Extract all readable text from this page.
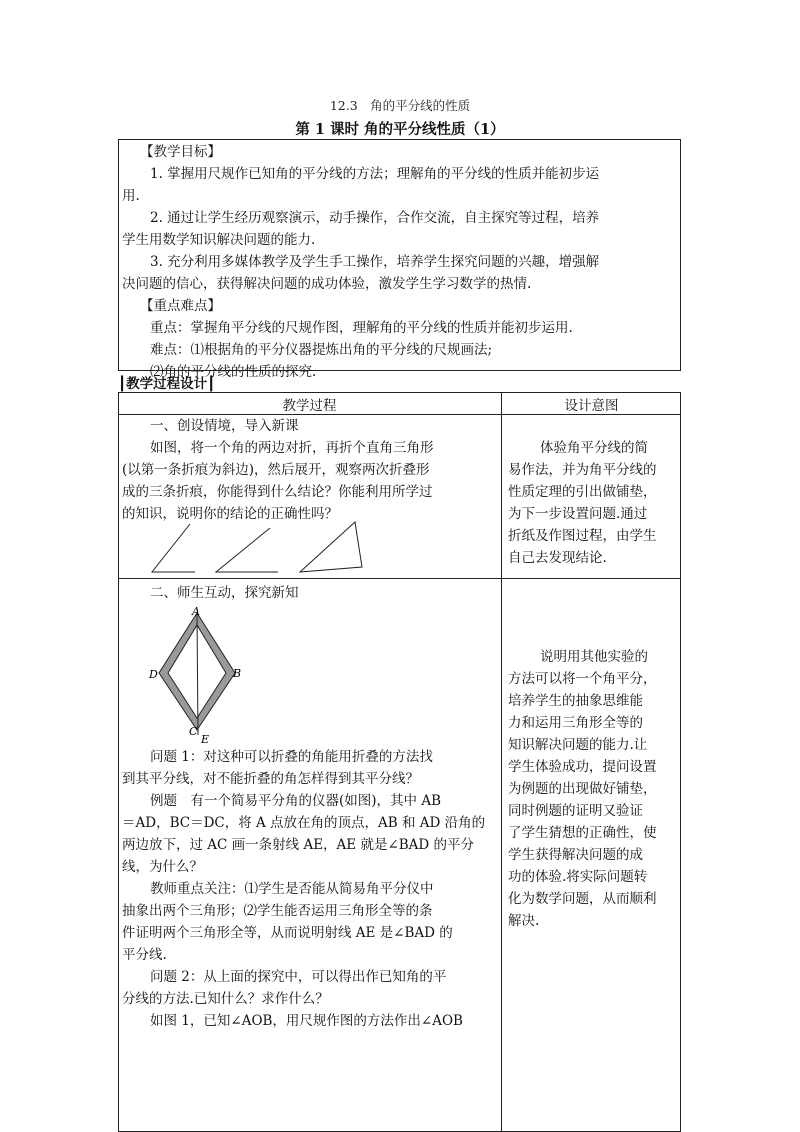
12.3　角的平分线的性质
第 1 课时 角的平分线性质（1）
【教学目标】
1. 掌握用尺规作已知角的平分线的方法；理解角的平分线的性质并能初步运
用.
2. 通过让学生经历观察演示，动手操作，合作交流，自主探究等过程，培养
学生用数学知识解决问题的能力.
3. 充分利用多媒体教学及学生手工操作，培养学生探究问题的兴趣，增强解
决问题的信心，获得解决问题的成功体验，激发学生学习数学的热情.
【重点难点】
重点：掌握角平分线的尺规作图，理解角的平分线的性质并能初步运用.
难点：⑴根据角的平分仪器提炼出角的平分线的尺规画法;
⑵角的平分线的性质的探究.
┃教学过程设计┃
教学过程	设计意图
一、创设情境，导入新课
如图，将一个角的两边对折，再折个直角三角形
(以第一条折痕为斜边)，然后展开，观察两次折叠形
成的三条折痕，你能得到什么结论？你能利用所学过
的知识，说明你的结论的正确性吗？
体验角平分线的简
易作法，并为角平分线的
性质定理的引出做铺垫，
为下一步设置问题.通过
折纸及作图过程，由学生
自己去发现结论.
二、师生互动，探究新知
A
B
C
D
E
问题 1：对这种可以折叠的角能用折叠的方法找
到其平分线，对不能折叠的角怎样得到其平分线？
例题　有一个简易平分角的仪器(如图)，其中 AB
＝AD，BC＝DC，将 A 点放在角的顶点，AB 和 AD 沿角的
两边放下，过 AC 画一条射线 AE，AE 就是∠BAD 的平分
线，为什么？
教师重点关注：⑴学生是否能从简易角平分仪中
抽象出两个三角形；⑵学生能否运用三角形全等的条
件证明两个三角形全等，从而说明射线 AE 是∠BAD 的
平分线.
问题 2：从上面的探究中，可以得出作已知角的平
分线的方法.已知什么？求作什么？
如图 1，已知∠AOB，用尺规作图的方法作出∠AOB
说明用其他实验的
方法可以将一个角平分，
培养学生的抽象思维能
力和运用三角形全等的
知识解决问题的能力.让
学生体验成功，提问设置
为例题的出现做好铺垫，
同时例题的证明又验证
了学生猜想的正确性，使
学生获得解决问题的成
功的体验.将实际问题转
化为数学问题，从而顺利
解决.
